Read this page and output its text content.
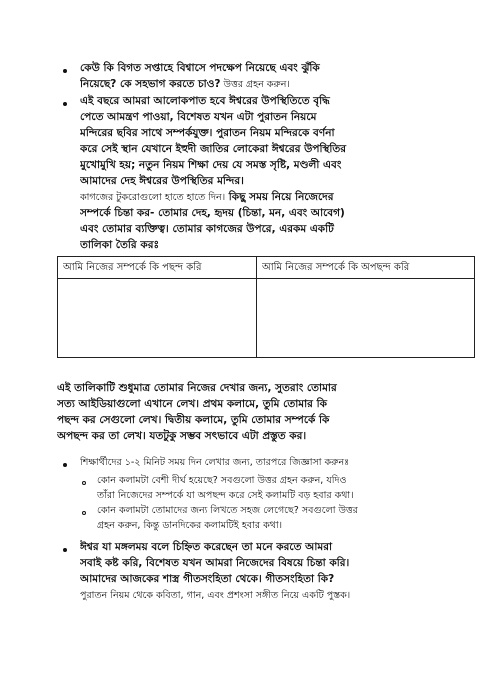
কেউ কি বিগত সপ্তাহে বিশ্বাসে পদক্ষেপ নিয়েছে এবং ঝুঁকি
নিয়েছে? কে সহভাগ করতে চাও? উত্তর গ্রহন করুন।
এই বছরে আমরা আলোকপাত হবে ঈশ্বরের উপস্থিতিতে বৃদ্ধি
পেতে আমন্ত্রণ পাওয়া, বিশেষত যখন এটা পুরাতন নিয়মে
মন্দিরের ছবির সাথে সম্পর্কযুক্ত। পুরাতন নিয়ম মন্দিরকে বর্ণনা
করে সেই স্থান যেখানে ইহুদী জাতির লোকেরা ঈশ্বরের উপস্থিতির
মুখোমুখি হয়; নতুন নিয়ম শিক্ষা দেয় যে সমস্ত সৃষ্টি, মণ্ডলী এবং
আমাদের দেহ ঈশ্বরের উপস্থিতির মন্দির।
কাগজের টুকরোগুলো হাতে হাতে দিন। কিছু সময় নিয়ে নিজেদের
সম্পর্কে চিন্তা কর- তোমার দেহ, হৃদয় (চিন্তা, মন, এবং আবেগ)
এবং তোমার ব্যক্তিত্ব। তোমার কাগজের উপরে, এরকম একটি
তালিকা তৈরি করঃ
আমি নিজের সম্পর্কে কি পছন্দ করি	আমি নিজের সম্পর্কে কি অপছন্দ করি
এই তালিকাটি শুধুমাত্র তোমার নিজের দেখার জন্য, সুতরাং তোমার
সত্য আইডিয়াগুলো এখানে লেখ। প্রথম কলামে, তুমি তোমার কি
পছন্দ কর সেগুলো লেখ। দ্বিতীয় কলামে, তুমি তোমার সম্পর্কে কি
অপছন্দ কর তা লেখ। যতটুকু সম্ভব সৎভাবে এটা প্রস্তুত কর।
শিক্ষার্থীদের ১-২ মিনিট সময় দিন লেখার জন্য, তারপরে জিজ্ঞাসা করুনঃ
কোন কলামটা বেশী দীর্ঘ হয়েছে? সবগুলো উত্তর গ্রহন করুন, যদিও
তাঁরা নিজেদের সম্পর্কে যা অপছন্দ করে সেই কলামটি বড় হবার কথা।
কোন কলামটা তোমাদের জন্য লিখতে সহজ লেগেছে? সবগুলো উত্তর
গ্রহন করুন, কিন্তু ডানদিকের কলামটিই হবার কথা।
ঈশ্বর যা মঙ্গলময় বলে চিহ্নিত করেছেন তা মনে করতে আমরা
সবাই কষ্ট করি, বিশেষত যখন আমরা নিজেদের বিষয়ে চিন্তা করি।
আমাদের আজকের শাস্ত্র গীতসংহিতা থেকে। গীতসংহিতা কি?
পুরাতন নিয়ম থেকে কবিতা, গান, এবং প্রশংসা সঙ্গীত নিয়ে একটি পুস্তক।
